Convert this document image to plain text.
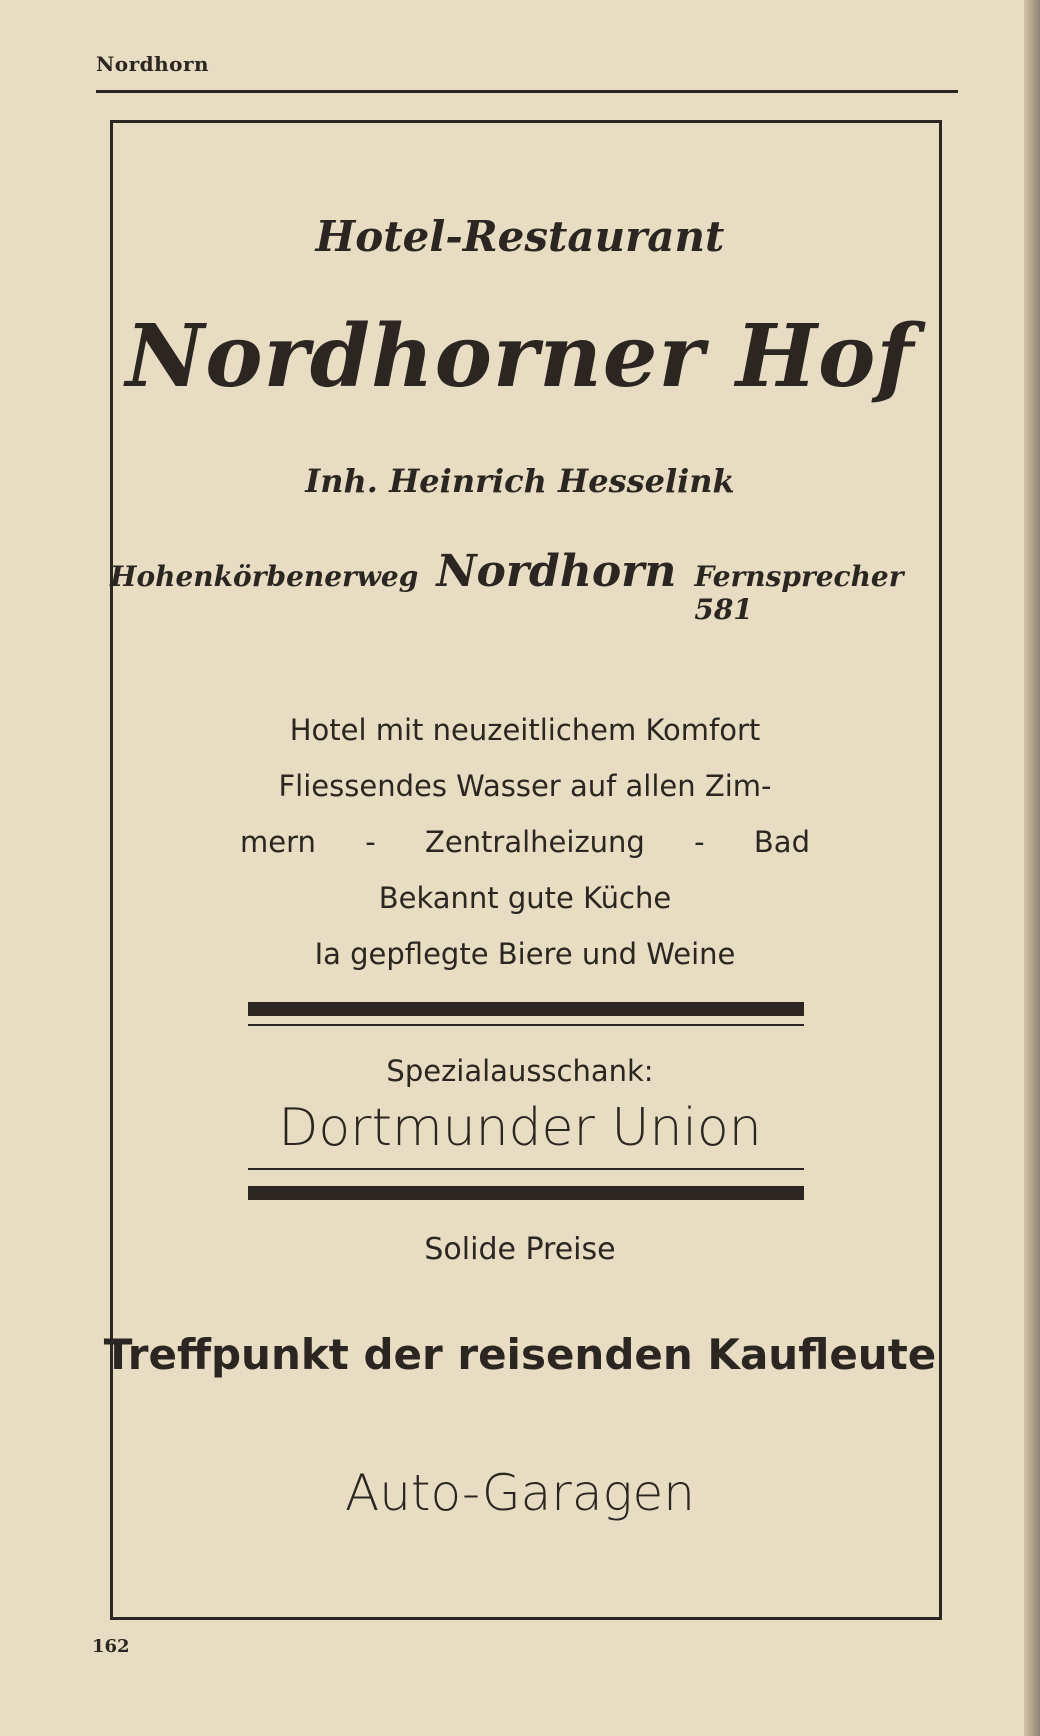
Nordhorn
Hotel-Restaurant
Nordhorner Hof
Inh. Heinrich Hesselink
Hohenkörbenerweg Nordhorn Fernsprecher 581
Hotel mit neuzeitlichem Komfort
Fliessendes Wasser auf allen Zim-
mern - Zentralheizung - Bad
Bekannt gute Küche
Ia gepflegte Biere und Weine
Spezialausschank:
Dortmunder Union
Solide Preise
Treffpunkt der reisenden Kaufleute
Auto-Garagen
162
